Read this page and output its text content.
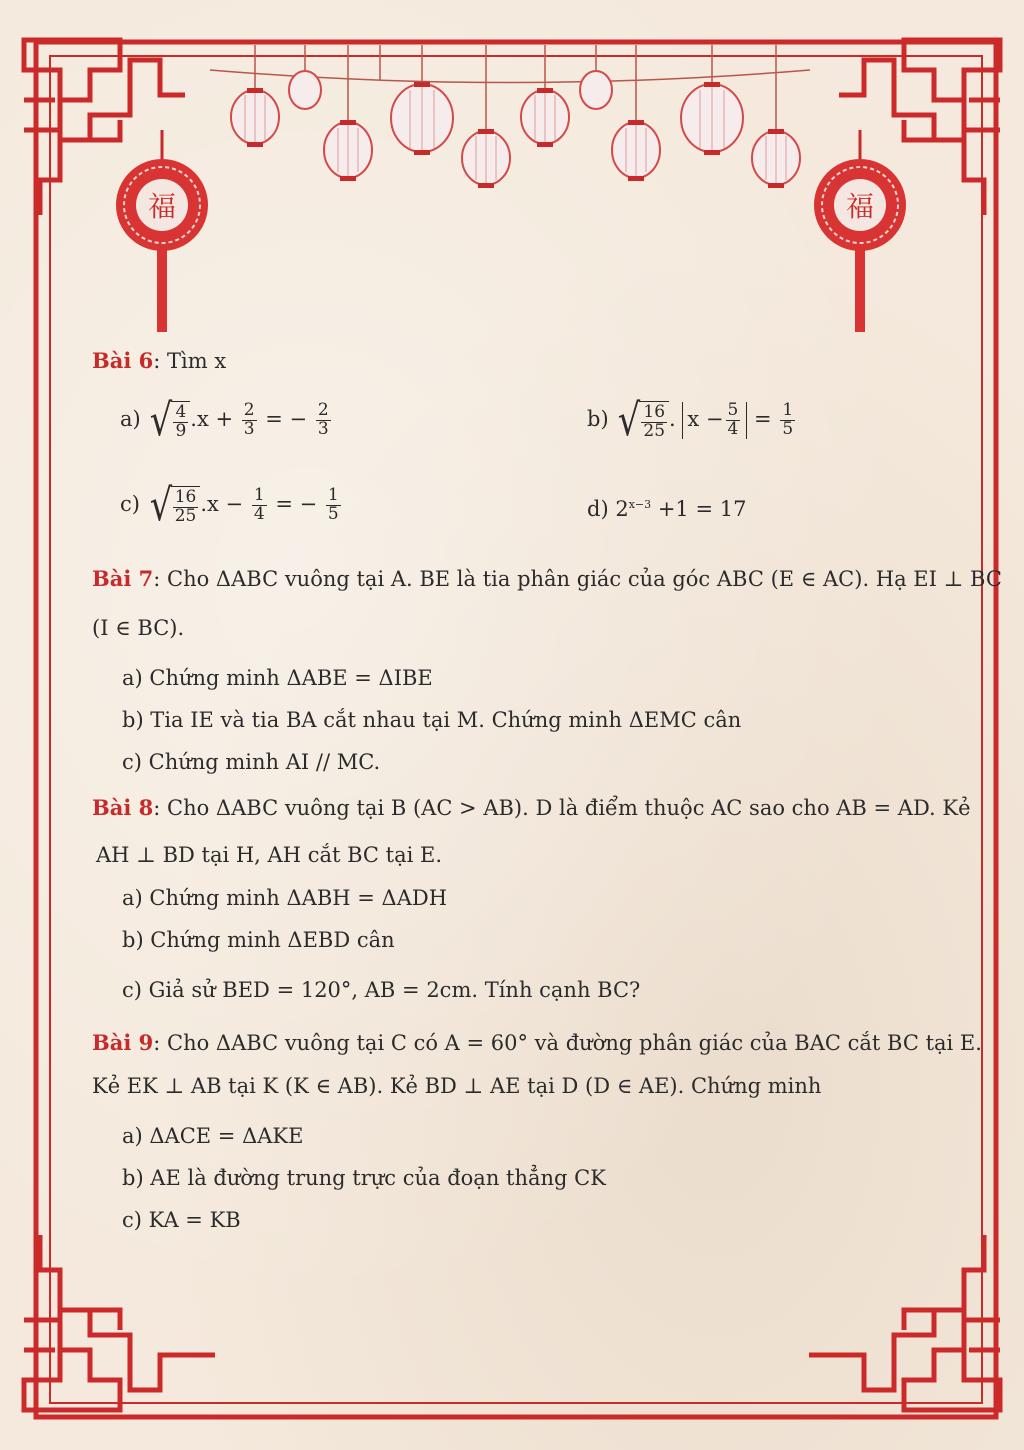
福	福
Bài 6: Tìm x
a) √ $\frac{4}{9} .x + \frac{2}{3}$ = − $\frac{2}{3}$	b) √ $\frac{16}{25}$ . $x - \frac{5}{4} = \frac{1}{5}$
c) √ $\frac{16}{25} .x - \frac{1}{4}$ = − $\frac{1}{5}$	d) $2^{x-3} +1 = 17$
Bài 7: Cho ΔABC vuông tại A. BE là tia phân giác của góc ABC (E ∈ AC). Hạ EI ⊥ BC
(I ∈ BC).
a) Chứng minh ΔABE = ΔIBE
b) Tia IE và tia BA cắt nhau tại M. Chứng minh ΔEMC cân
c) Chứng minh AI // MC.
Bài 8: Cho ΔABC vuông tại B (AC > AB). D là điểm thuộc AC sao cho AB = AD. Kẻ
AH ⊥ BD tại H, AH cắt BC tại E.
a) Chứng minh ΔABH = ΔADH
b) Chứng minh ΔEBD cân
c) Giả sử BED = 120°, AB = 2cm. Tính cạnh BC?
Bài 9: Cho ΔABC vuông tại C có A = 60° và đường phân giác của BAC cắt BC tại E.
Kẻ EK ⊥ AB tại K (K ∈ AB). Kẻ BD ⊥ AE tại D (D ∈ AE). Chứng minh
a) ΔACE = ΔAKE
b) AE là đường trung trực của đoạn thẳng CK
c) KA = KB
